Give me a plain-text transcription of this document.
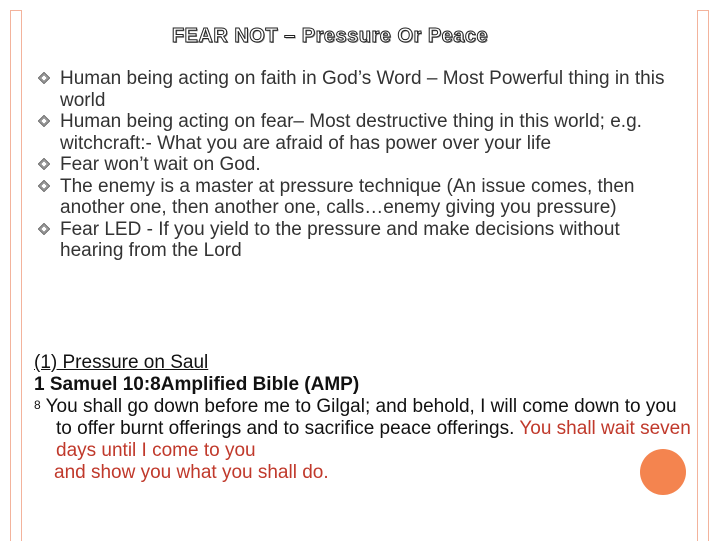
FEAR NOT – Pressure Or Peace
Human being acting on faith in God’s Word – Most Powerful thing in this world
Human being acting on fear– Most destructive thing in this world; e.g. witchcraft:- What you are afraid of has power over your life
Fear won’t wait on God.
The enemy is a master at pressure technique (An issue comes, then another one, then another one, calls…enemy giving you pressure)
Fear LED - If you yield to the pressure and make decisions without hearing from the Lord
(1) Pressure on Saul
1 Samuel 10:8Amplified Bible (AMP)
$^8$ You shall go down before me to Gilgal; and behold, I will come down to you to offer burnt offerings and to sacrifice peace offerings. You shall wait seven days until I come to you
and show you what you shall do.
